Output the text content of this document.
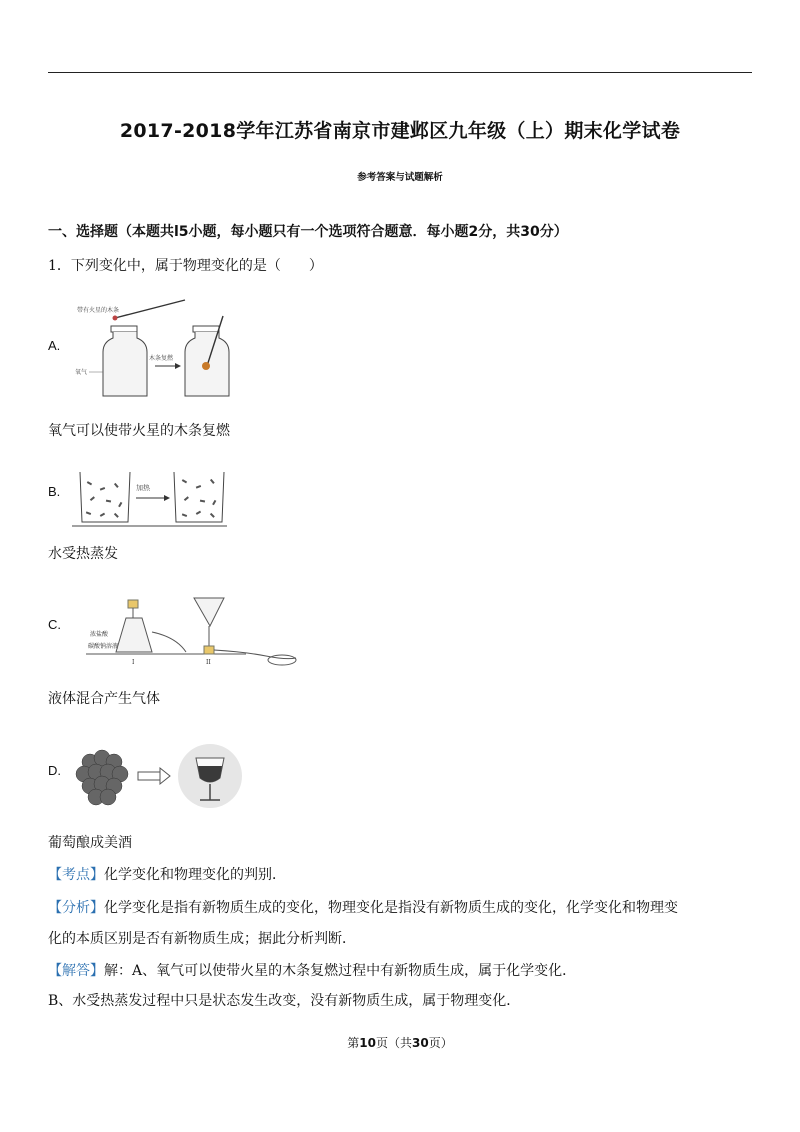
2017-2018学年江苏省南京市建邺区九年级（上）期末化学试卷
参考答案与试题解析
一、选择题（本题共l5小题，每小题只有一个选项符合题意．每小题2分，共30分）
1．下列变化中，属于物理变化的是（　　）
A.
带有火星的木条
氧气
木条复燃
氧气可以使带火星的木条复燃
B.	加热
水受热蒸发
C.
浓盐酸
碳酸钠溶液
I	II
液体混合产生气体
D.
葡萄酿成美酒
【考点】化学变化和物理变化的判别．
【分析】化学变化是指有新物质生成的变化，物理变化是指没有新物质生成的变化，化学变化和物理变
化的本质区别是否有新物质生成；据此分析判断．
【解答】解：A、氧气可以使带火星的木条复燃过程中有新物质生成，属于化学变化．
B、水受热蒸发过程中只是状态发生改变，没有新物质生成，属于物理变化．
第10页（共30页）
